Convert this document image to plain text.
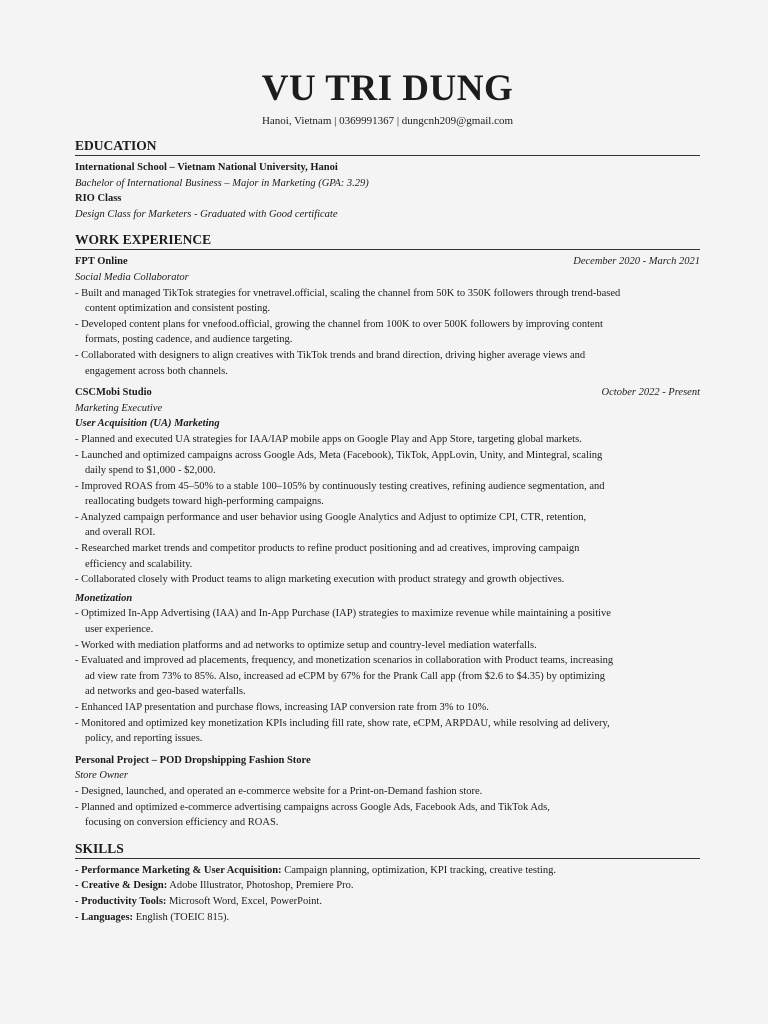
VU TRI DUNG
Hanoi, Vietnam | 0369991367 | dungcnh209@gmail.com
EDUCATION
International School – Vietnam National University, Hanoi
Bachelor of International Business – Major in Marketing (GPA: 3.29)
RIO Class
Design Class for Marketers - Graduated with Good certificate
WORK EXPERIENCE
FPT Online	December 2020 - March 2021
Social Media Collaborator
- Built and managed TikTok strategies for vnetravel.official, scaling the channel from 50K to 350K followers through trend-based
content optimization and consistent posting.
- Developed content plans for vnefood.official, growing the channel from 100K to over 500K followers by improving content
formats, posting cadence, and audience targeting.
- Collaborated with designers to align creatives with TikTok trends and brand direction, driving higher average views and
engagement across both channels.
CSCMobi Studio	October 2022 - Present
Marketing Executive
User Acquisition (UA) Marketing
- Planned and executed UA strategies for IAA/IAP mobile apps on Google Play and App Store, targeting global markets.
- Launched and optimized campaigns across Google Ads, Meta (Facebook), TikTok, AppLovin, Unity, and Mintegral, scaling
daily spend to $1,000 - $2,000.
- Improved ROAS from 45–50% to a stable 100–105% by continuously testing creatives, refining audience segmentation, and
reallocating budgets toward high-performing campaigns.
- Analyzed campaign performance and user behavior using Google Analytics and Adjust to optimize CPI, CTR, retention,
and overall ROI.
- Researched market trends and competitor products to refine product positioning and ad creatives, improving campaign
efficiency and scalability.
- Collaborated closely with Product teams to align marketing execution with product strategy and growth objectives.
Monetization
- Optimized In-App Advertising (IAA) and In-App Purchase (IAP) strategies to maximize revenue while maintaining a positive
user experience.
- Worked with mediation platforms and ad networks to optimize setup and country-level mediation waterfalls.
- Evaluated and improved ad placements, frequency, and monetization scenarios in collaboration with Product teams, increasing
ad view rate from 73% to 85%. Also, increased ad eCPM by 67% for the Prank Call app (from $2.6 to $4.35) by optimizing
ad networks and geo-based waterfalls.
- Enhanced IAP presentation and purchase flows, increasing IAP conversion rate from 3% to 10%.
- Monitored and optimized key monetization KPIs including fill rate, show rate, eCPM, ARPDAU, while resolving ad delivery,
policy, and reporting issues.
Personal Project – POD Dropshipping Fashion Store
Store Owner
- Designed, launched, and operated an e-commerce website for a Print-on-Demand fashion store.
- Planned and optimized e-commerce advertising campaigns across Google Ads, Facebook Ads, and TikTok Ads,
focusing on conversion efficiency and ROAS.
SKILLS
- Performance Marketing & User Acquisition: Campaign planning, optimization, KPI tracking, creative testing.
- Creative & Design: Adobe Illustrator, Photoshop, Premiere Pro.
- Productivity Tools: Microsoft Word, Excel, PowerPoint.
- Languages: English (TOEIC 815).
